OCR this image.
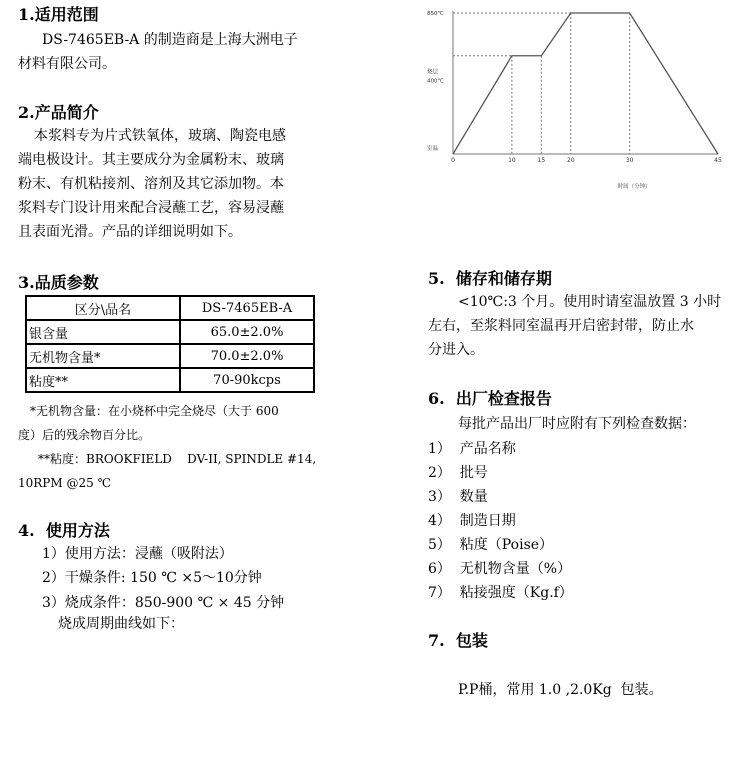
1.适用范围
DS-7465EB-A 的制造商是上海大洲电子
材料有限公司。
2.产品简介
本浆料专为片式铁氧体，玻璃、陶瓷电感
端电极设计。其主要成分为金属粉末、玻璃
粉末、有机粘接剂、溶剂及其它添加物。本
浆料专门设计用来配合浸蘸工艺，容易浸蘸
且表面光滑。产品的详细说明如下。
3.品质参数
区分\品名	DS-7465EB-A
银含量	65.0±2.0%
无机物含量*	70.0±2.0%
粘度**	70-90kcps
*无机物含量：在小烧杯中完全烧尽（大于 600
度）后的残余物百分比。
**粘度：BROOKFIELD    DV-II, SPINDLE #14,
10RPM @25 ℃
4.  使用方法
1）使用方法：浸蘸（吸附法）
2）干燥条件: 150 ℃ ×5～10分钟
3）烧成条件：850-900 ℃ × 45 分钟
烧成周期曲线如下：
0	10	15	20	30	45
850℃
烧层
400℃
室温
时间（分钟）
5.  储存和储存期
<10℃:3 个月。使用时请室温放置 3 小时
左右，至浆料同室温再开启密封带，防止水
分进入。
6.  出厂检查报告
每批产品出厂时应附有下列检查数据：
1）  产品名称
2）  批号
3）  数量
4）  制造日期
5）  粘度（Poise）
6）  无机物含量（%）
7）  粘接强度（Kg.f）
7.  包装
P.P桶，常用 1.0 ,2.0Kg  包装。
